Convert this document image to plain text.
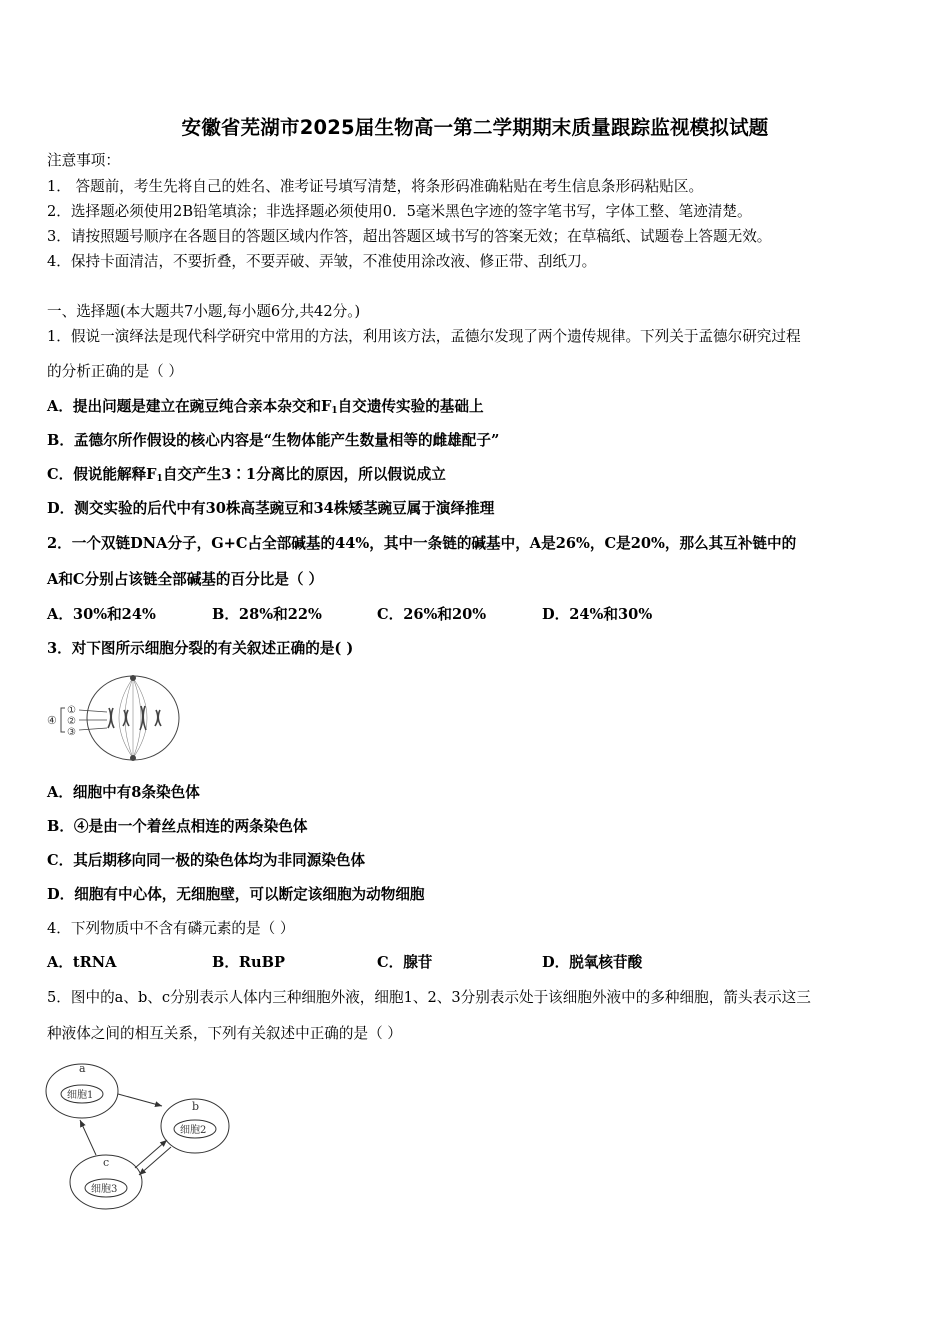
安徽省芜湖市2025届生物高一第二学期期末质量跟踪监视模拟试题
注意事项：
1． 答题前，考生先将自己的姓名、准考证号填写清楚，将条形码准确粘贴在考生信息条形码粘贴区。
2．选择题必须使用2B铅笔填涂；非选择题必须使用0．5毫米黑色字迹的签字笔书写，字体工整、笔迹清楚。
3．请按照题号顺序在各题目的答题区域内作答，超出答题区域书写的答案无效；在草稿纸、试题卷上答题无效。
4．保持卡面清洁，不要折叠，不要弄破、弄皱，不准使用涂改液、修正带、刮纸刀。
一、选择题(本大题共7小题,每小题6分,共42分。)
1．假说一演绎法是现代科学研究中常用的方法，利用该方法，孟德尔发现了两个遗传规律。下列关于孟德尔研究过程
的分析正确的是（ ）
A．提出问题是建立在豌豆纯合亲本杂交和$F_1$自交遗传实验的基础上
B．孟德尔所作假设的核心内容是“生物体能产生数量相等的雌雄配子”
C．假说能解释$F_1$自交产生3∶1分离比的原因，所以假说成立
D．测交实验的后代中有30株高茎豌豆和34株矮茎豌豆属于演绎推理
2．一个双链DNA分子，G+C占全部碱基的44%，其中一条链的碱基中，A是26%，C是20%，那么其互补链中的
A和C分别占该链全部碱基的百分比是（ ）
A．30%和24%	B．28%和22%	C．26%和20%	D．24%和30%
3．对下图所示细胞分裂的有关叙述正确的是( )
④
①
②
③
A．细胞中有8条染色体
B．④是由一个着丝点相连的两条染色体
C．其后期移向同一极的染色体均为非同源染色体
D．细胞有中心体，无细胞壁，可以断定该细胞为动物细胞
4．下列物质中不含有磷元素的是（ ）
A．tRNA	B．RuBP	C．腺苷	D．脱氧核苷酸
5．图中的a、b、c分别表示人体内三种细胞外液，细胞1、2、3分别表示处于该细胞外液中的多种细胞，箭头表示这三
种液体之间的相互关系，下列有关叙述中正确的是（ ）
a
细胞1
b
细胞2
c
细胞3
